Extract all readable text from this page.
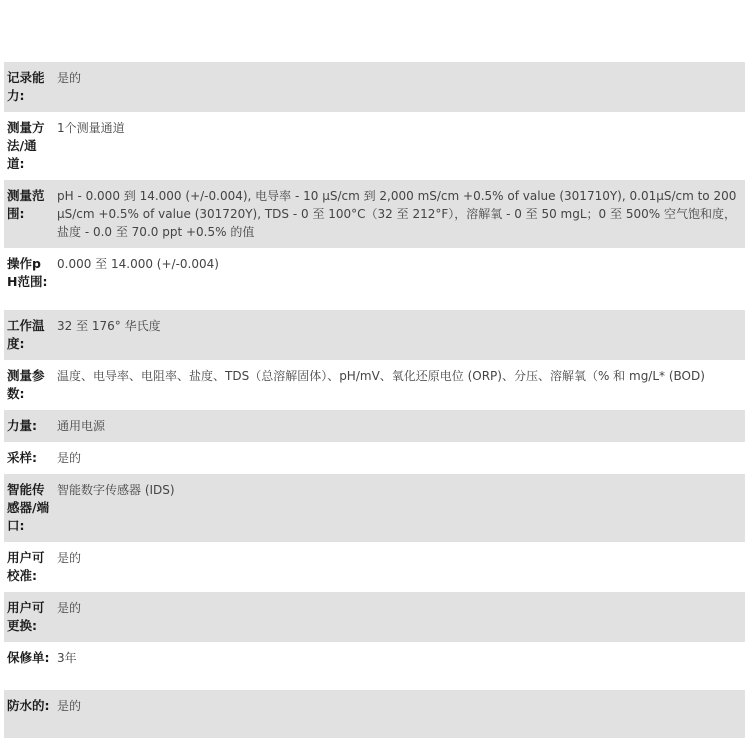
记录能力:	是的
测量方法/通道:	1个测量通道
测量范围:	pH - 0.000 到 14.000 (+/-0.004), 电导率 - 10 μS/cm 到 2,000 mS/cm +0.5% of value (301710Y), 0.01μS/cm to 200 μS/cm +0.5% of value (301720Y), TDS - 0 至 100°C（32 至 212°F），溶解氧 - 0 至 50 mgL；0 至 500% 空气饱和度，盐度 - 0.0 至 70.0 ppt +0.5% 的值
操作pH范围:	0.000 至 14.000 (+/-0.004)
工作温度:	32 至 176° 华氏度
测量参数:	温度、电导率、电阻率、盐度、TDS（总溶解固体）、pH/mV、氧化还原电位 (ORP)、分压、溶解氧（% 和 mg/L* (BOD)
力量:	通用电源
采样:	是的
智能传感器/端口:	智能数字传感器 (IDS)
用户可校准:	是的
用户可更换:	是的
保修单:	3年
防水的:	是的
